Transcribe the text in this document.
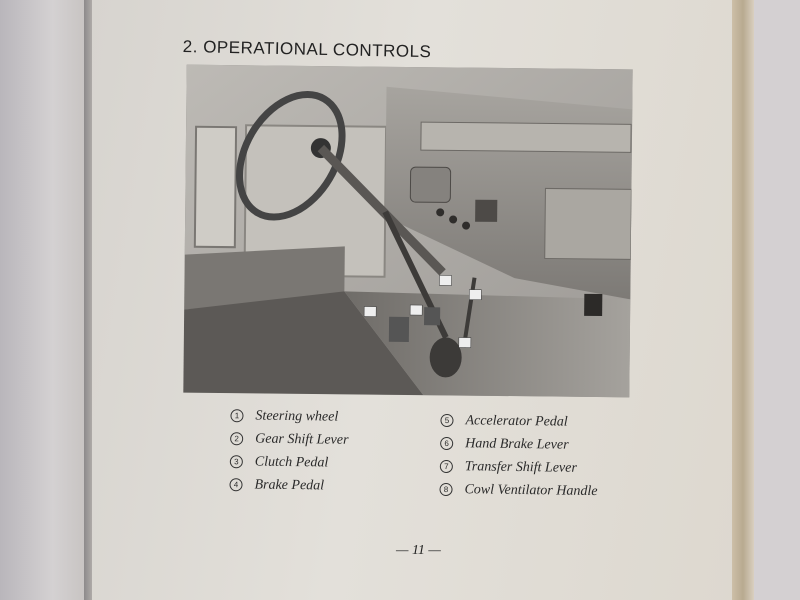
2. OPERATIONAL CONTROLS
1	Steering wheel
2	Gear Shift Lever
3	Clutch Pedal
4	Brake Pedal
5	Accelerator Pedal
6	Hand Brake Lever
7	Transfer Shift Lever
8	Cowl Ventilator Handle
— 11 —
